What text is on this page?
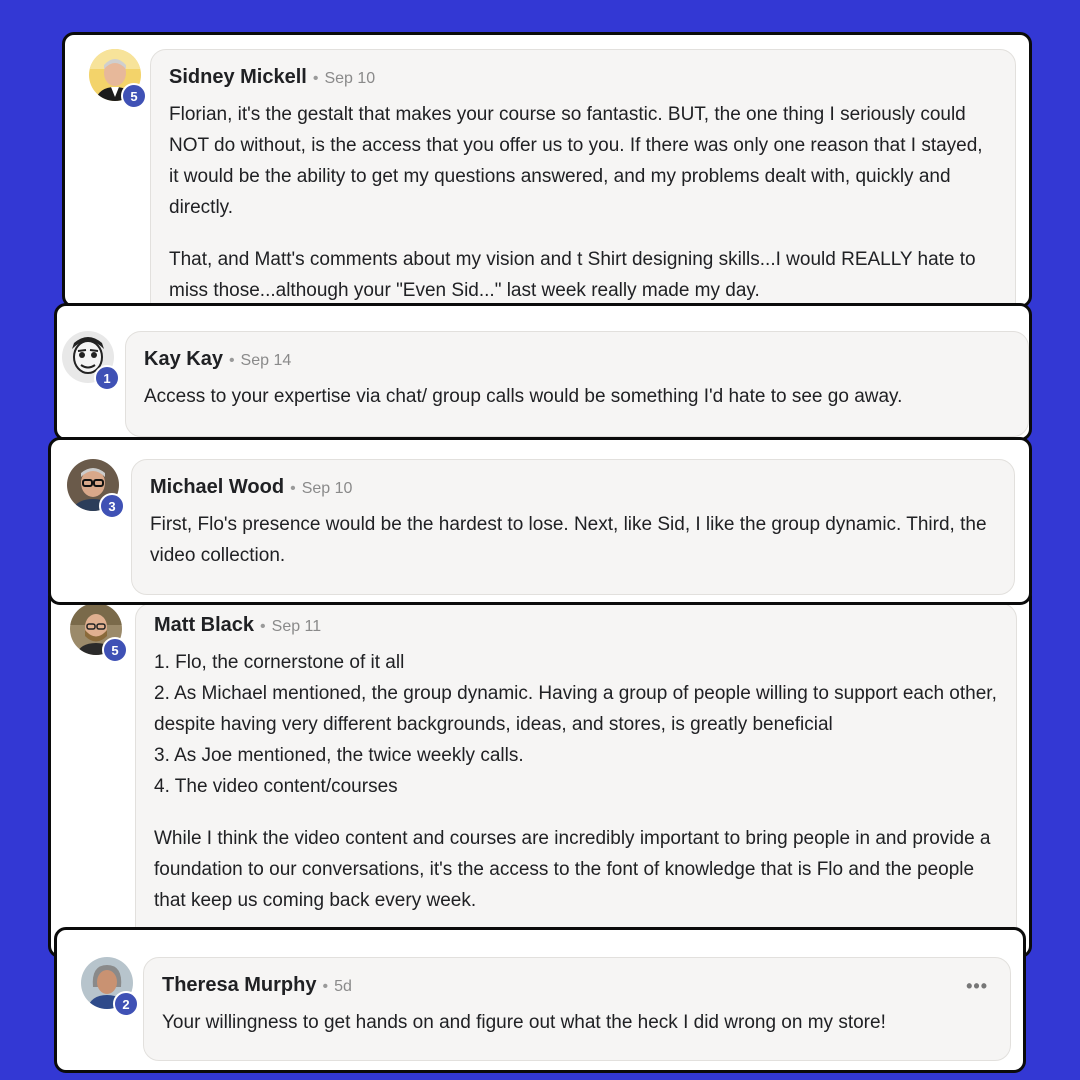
5
Sidney Mickell • Sep 10

Florian, it's the gestalt that makes your course so fantastic. BUT, the one thing I seriously could NOT do without, is the access that you offer us to you. If there was only one reason that I stayed, it would be the ability to get my questions answered, and my problems dealt with, quickly and directly.

That, and Matt's comments about my vision and t Shirt designing skills...I would REALLY hate to miss those...although your "Even Sid..." last week really made my day.

5
Matt Black • Sep 11
1. Flo, the cornerstone of it all
2. As Michael mentioned, the group dynamic. Having a group of people willing to support each other, despite having very different backgrounds, ideas, and stores, is greatly beneficial
3. As Joe mentioned, the twice weekly calls.
4. The video content/courses

While I think the video content and courses are incredibly important to bring people in and provide a foundation to our conversations, it's the access to the font of knowledge that is Flo and the people that keep us coming back every week.

1
Kay Kay • Sep 14

Access to your expertise via chat/ group calls would be something I'd hate to see go away.

3
Michael Wood • Sep 10

First, Flo's presence would be the hardest to lose. Next, like Sid, I like the group dynamic. Third, the video collection.

2
Theresa Murphy • 5d

Your willingness to get hands on and figure out what the heck I did wrong on my store!

•••
